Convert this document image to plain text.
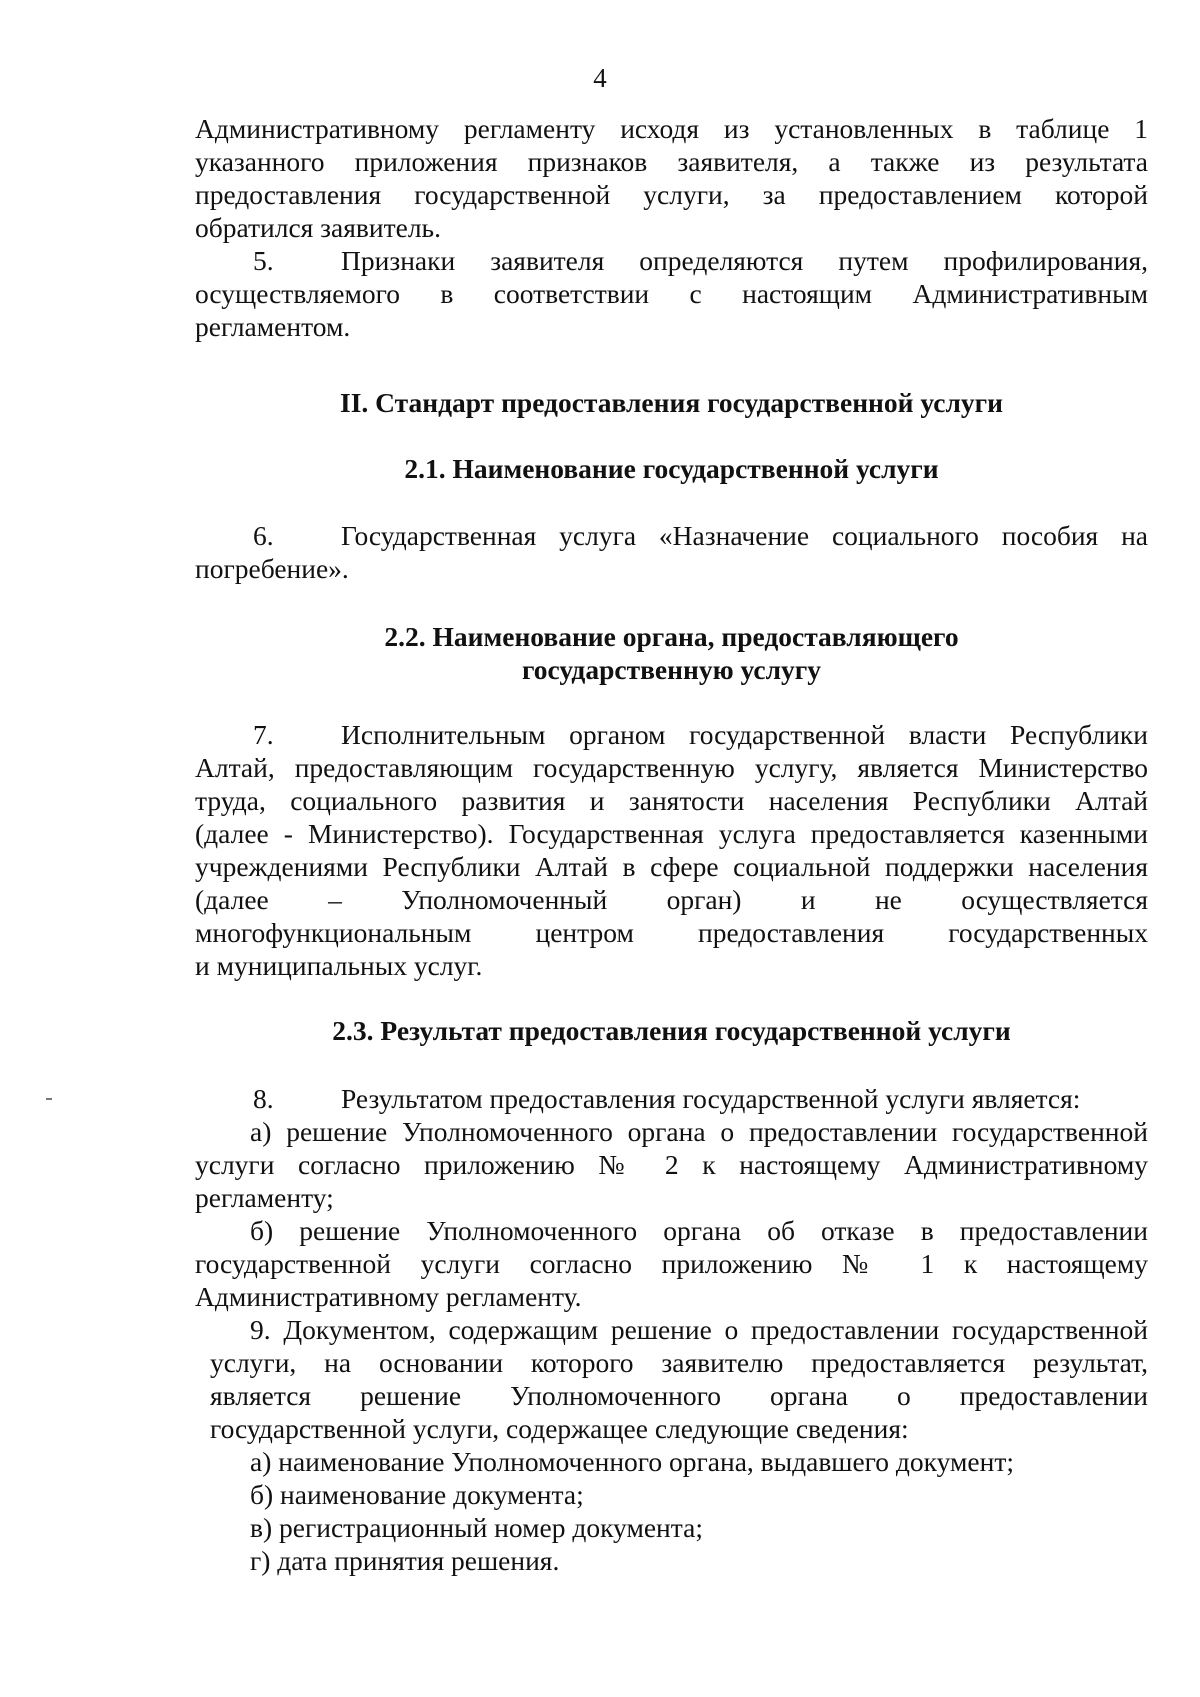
4

Административному регламенту исходя из установленных в таблице 1

указанного приложения признаков заявителя, а также из результата

предоставления государственной услуги, за предоставлением которой

обратился заявитель.

5. Признаки заявителя определяются путем профилирования,

осуществляемого в соответствии с настоящим Административным

регламентом.

II. Стандарт предоставления государственной услуги
2.1. Наименование государственной услуги

6. Государственная услуга «Назначение социального пособия на

погребение».

2.2. Наименование органа, предоставляющего
государственную услугу

7. Исполнительным органом государственной власти Республики

Алтай, предоставляющим государственную услугу, является Министерство

труда, социального развития и занятости населения Республики Алтай

(далее - Министерство). Государственная услуга предоставляется казенными

учреждениями Республики Алтай в сфере социальной поддержки населения

(далее – Уполномоченный орган) и не осуществляется

многофункциональным центром предоставления государственных

и муниципальных услуг.

2.3. Результат предоставления государственной услуги

8. Результатом предоставления государственной услуги является:

а) решение Уполномоченного органа о предоставлении государственной

услуги согласно приложению № 2 к настоящему Административному

регламенту;

б) решение Уполномоченного органа об отказе в предоставлении

государственной услуги согласно приложению № 1 к настоящему

Административному регламенту.

9. Документом, содержащим решение о предоставлении государственной

услуги, на основании которого заявителю предоставляется результат,

является решение Уполномоченного органа о предоставлении

государственной услуги, содержащее следующие сведения:

а) наименование Уполномоченного органа, выдавшего документ;

б) наименование документа;

в) регистрационный номер документа;

г) дата принятия решения.
